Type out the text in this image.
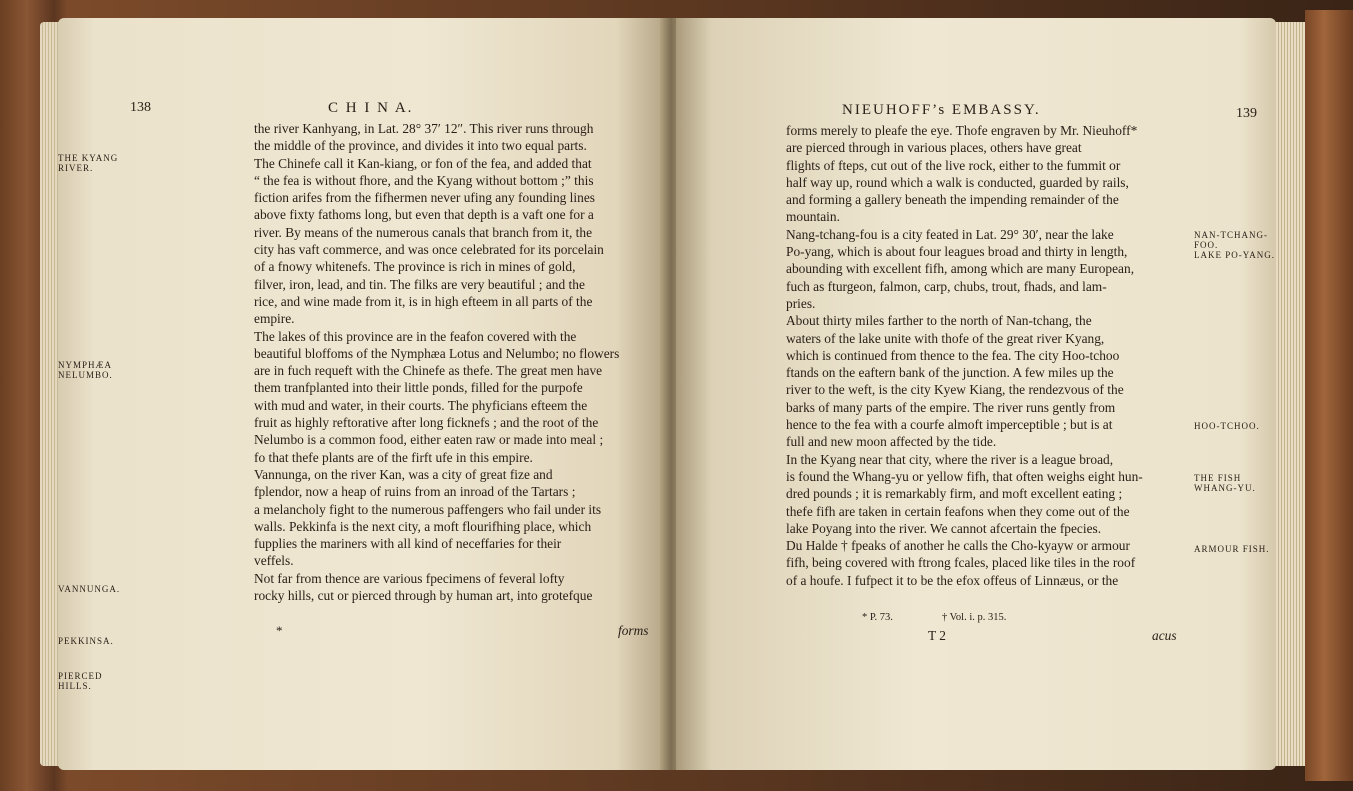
138	C H I N A.
THE KYANG
RIVER.
NYMPHÆA
NELUMBO.
VANNUNGA.
PEKKINSA.
PIERCED HILLS.
the river Kanhyang, in Lat. 28° 37′ 12″. This river runs through
the middle of the province, and divides it into two equal parts.
The Chinefe call it Kan-kiang, or fon of the fea, and added that
“ the fea is without fhore, and the Kyang without bottom ;” this
fiction arifes from the fifhermen never ufing any founding lines
above fixty fathoms long, but even that depth is a vaft one for a
river. By means of the numerous canals that branch from it, the
city has vaft commerce, and was once celebrated for its porcelain
of a fnowy whitenefs. The province is rich in mines of gold,
filver, iron, lead, and tin. The filks are very beautiful ; and the
rice, and wine made from it, is in high efteem in all parts of the
empire.
The lakes of this province are in the feafon covered with the
beautiful bloffoms of the Nymphæa Lotus and Nelumbo; no flowers
are in fuch requeft with the Chinefe as thefe. The great men have
them tranfplanted into their little ponds, filled for the purpofe
with mud and water, in their courts. The phyficians efteem the
fruit as highly reftorative after long ficknefs ; and the root of the
Nelumbo is a common food, either eaten raw or made into meal ;
fo that thefe plants are of the firft ufe in this empire.
Vannunga, on the river Kan, was a city of great fize and
fplendor, now a heap of ruins from an inroad of the Tartars ;
a melancholy fight to the numerous paffengers who fail under its
walls. Pekkinfa is the next city, a moft flourifhing place, which
fupplies the mariners with all kind of neceffaries for their
veffels.
Not far from thence are various fpecimens of feveral lofty
rocky hills, cut or pierced through by human art, into grotefque
*	forms
NIEUHOFF’s EMBASSY.	139
NAN-TCHANG-
FOO.
LAKE PO-YANG.
HOO-TCHOO.
THE FISH
WHANG-YU.
ARMOUR FISH.
forms merely to pleafe the eye. Thofe engraven by Mr. Nieuhoff*
are pierced through in various places, others have great
flights of fteps, cut out of the live rock, either to the fummit or
half way up, round which a walk is conducted, guarded by rails,
and forming a gallery beneath the impending remainder of the
mountain.
Nang-tchang-fou is a city feated in Lat. 29° 30′, near the lake
Po-yang, which is about four leagues broad and thirty in length,
abounding with excellent fifh, among which are many European,
fuch as fturgeon, falmon, carp, chubs, trout, fhads, and lam-
pries.
About thirty miles farther to the north of Nan-tchang, the
waters of the lake unite with thofe of the great river Kyang,
which is continued from thence to the fea. The city Hoo-tchoo
ftands on the eaftern bank of the junction. A few miles up the
river to the weft, is the city Kyew Kiang, the rendezvous of the
barks of many parts of the empire. The river runs gently from
hence to the fea with a courfe almoft imperceptible ; but is at
full and new moon affected by the tide.
In the Kyang near that city, where the river is a league broad,
is found the Whang-yu or yellow fifh, that often weighs eight hun-
dred pounds ; it is remarkably firm, and moft excellent eating ;
thefe fifh are taken in certain feafons when they come out of the
lake Poyang into the river. We cannot afcertain the fpecies.
Du Halde † fpeaks of another he calls the Cho-kyayw or armour
fifh, being covered with ftrong fcales, placed like tiles in the roof
of a houfe. I fufpect it to be the efox offeus of Linnæus, or the
* P. 73.	† Vol. i. p. 315.
T 2	acus
